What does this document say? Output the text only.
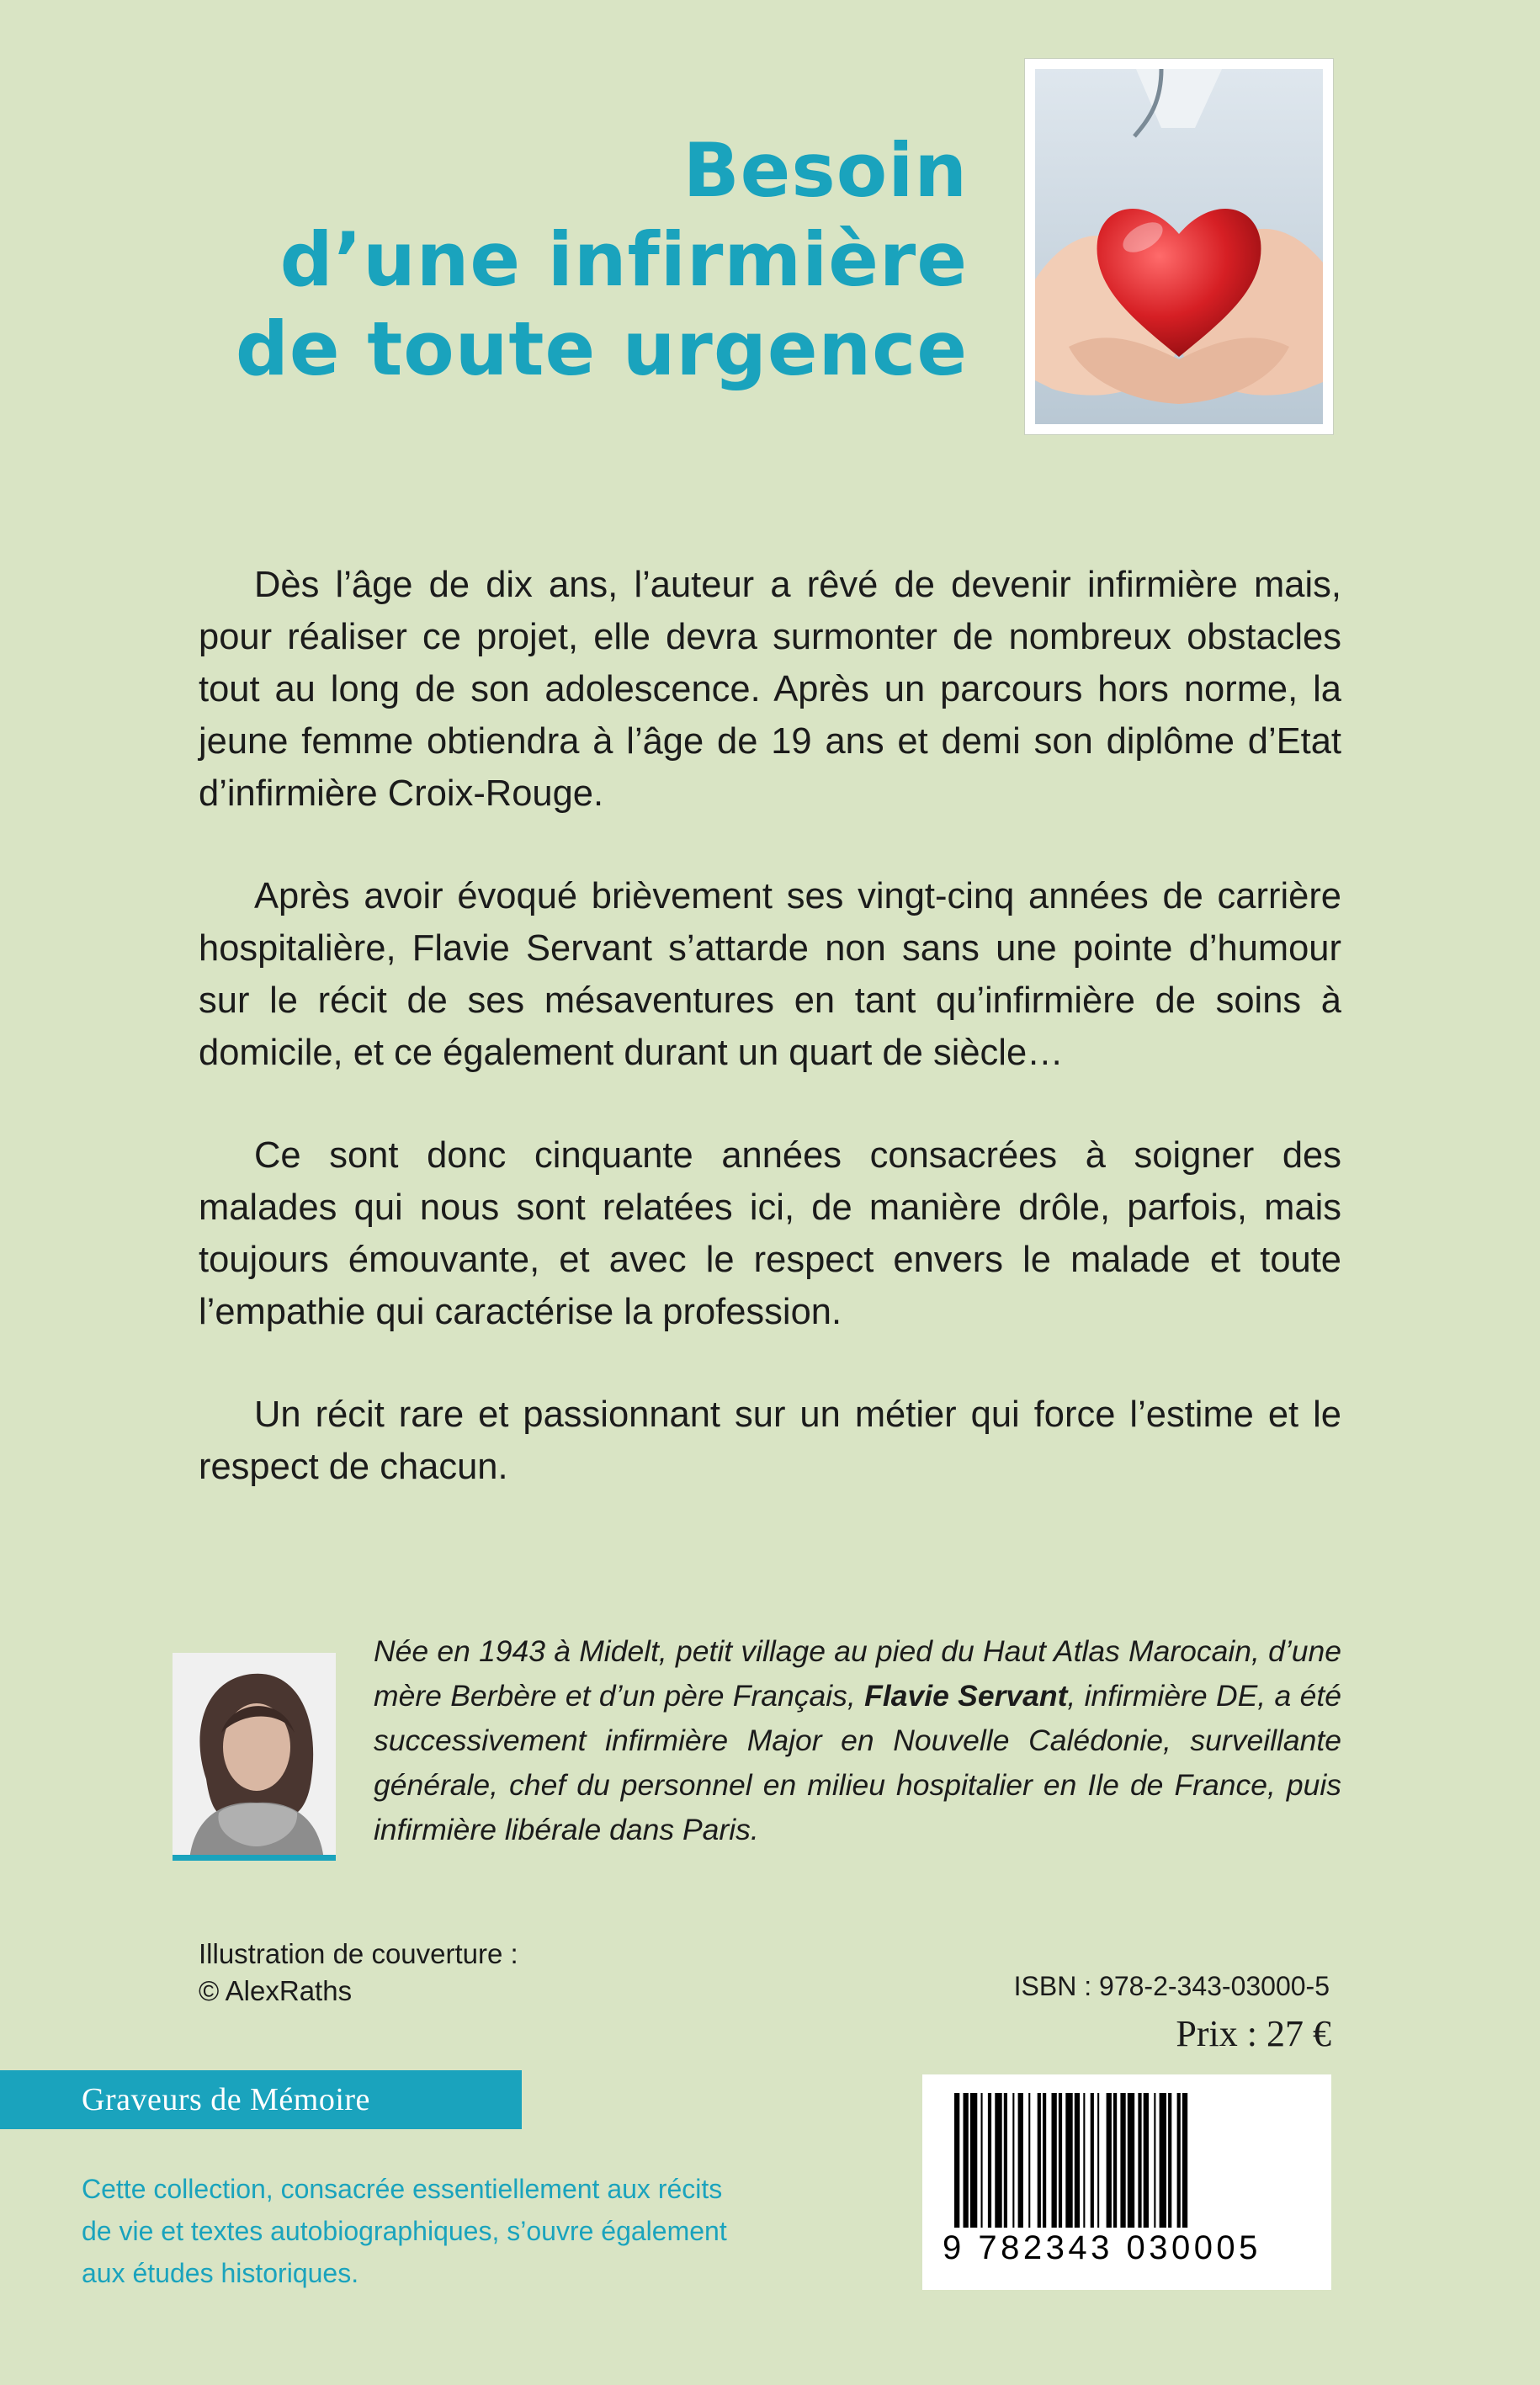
Besoin
d’une infirmière
de toute urgence

Dès l’âge de dix ans, l’auteur a rêvé de devenir infirmière mais, pour réaliser ce projet, elle devra surmonter de nombreux obstacles tout au long de son adolescence. Après un parcours hors norme, la jeune femme obtiendra à l’âge de 19 ans et demi son diplôme d’Etat d’infirmière Croix-Rouge.

Après avoir évoqué brièvement ses vingt-cinq années de carrière hospitalière, Flavie Servant s’attarde non sans une pointe d’humour sur le récit de ses mésaventures en tant qu’infirmière de soins à domicile, et ce également durant un quart de siècle…

Ce sont donc cinquante années consacrées à soigner des malades qui nous sont relatées ici, de manière drôle, parfois, mais toujours émouvante, et avec le respect envers le malade et toute l’empathie qui caractérise la profession.

Un récit rare et passionnant sur un métier qui force l’estime et le respect de chacun.

Née en 1943 à Midelt, petit village au pied du Haut Atlas Marocain, d’une mère Berbère et d’un père Français, Flavie Servant, infirmière DE, a été successivement infirmière Major en Nouvelle Calédonie, surveillante générale, chef du personnel en milieu hospitalier en Ile de France, puis infirmière libérale dans Paris.
Illustration de couverture :
© AlexRaths	ISBN : 978-2-343-03000-5
Prix : 27 €
Graveurs de Mémoire
Cette collection, consacrée essentiellement aux récits
de vie et textes autobiographiques, s’ouvre également
aux études historiques.
9 782343 030005
